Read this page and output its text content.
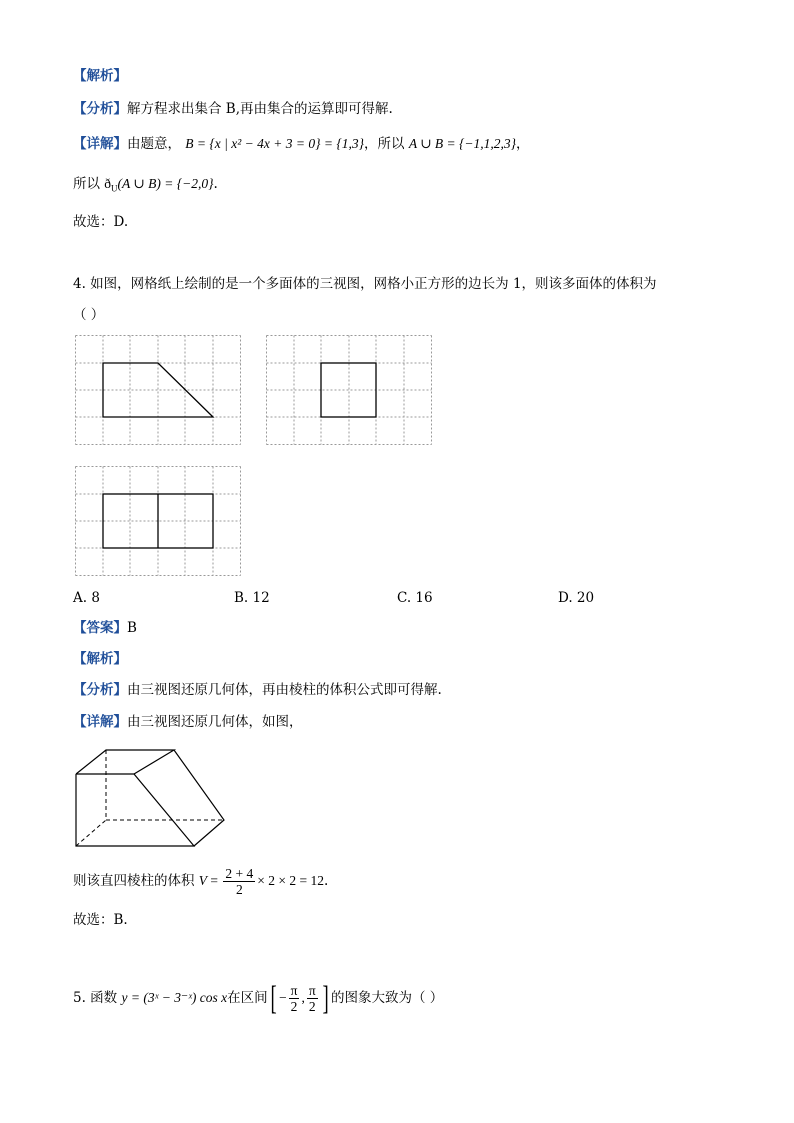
【解析】
【分析】解方程求出集合 B,再由集合的运算即可得解.
【详解】由题意， B = {x | x² − 4x + 3 = 0} = {1,3}，所以 A ∪ B = {−1,1,2,3}，
所以 $ð_U(A$ ∪ B) = {−2,0}.
故选：D.
4. 如图，网格纸上绘制的是一个多面体的三视图，网格小正方形的边长为 1，则该多面体的体积为
（ ）
A. 8	B. 12	C. 16	D. 20
【答案】B
【解析】
【分析】由三视图还原几何体，再由棱柱的体积公式即可得解.
【详解】由三视图还原几何体，如图，
则该直四棱柱的体积 $V = \frac{2 + 4}{2} \times 2 \times 2 = 12$.
故选：B.
5. 函数 y = (3ˣ − 3⁻ˣ) cos x在区间[ − $\frac{\pi}{2}$ , $\frac{\pi}{2}$ ] 的图象大致为（ ）
